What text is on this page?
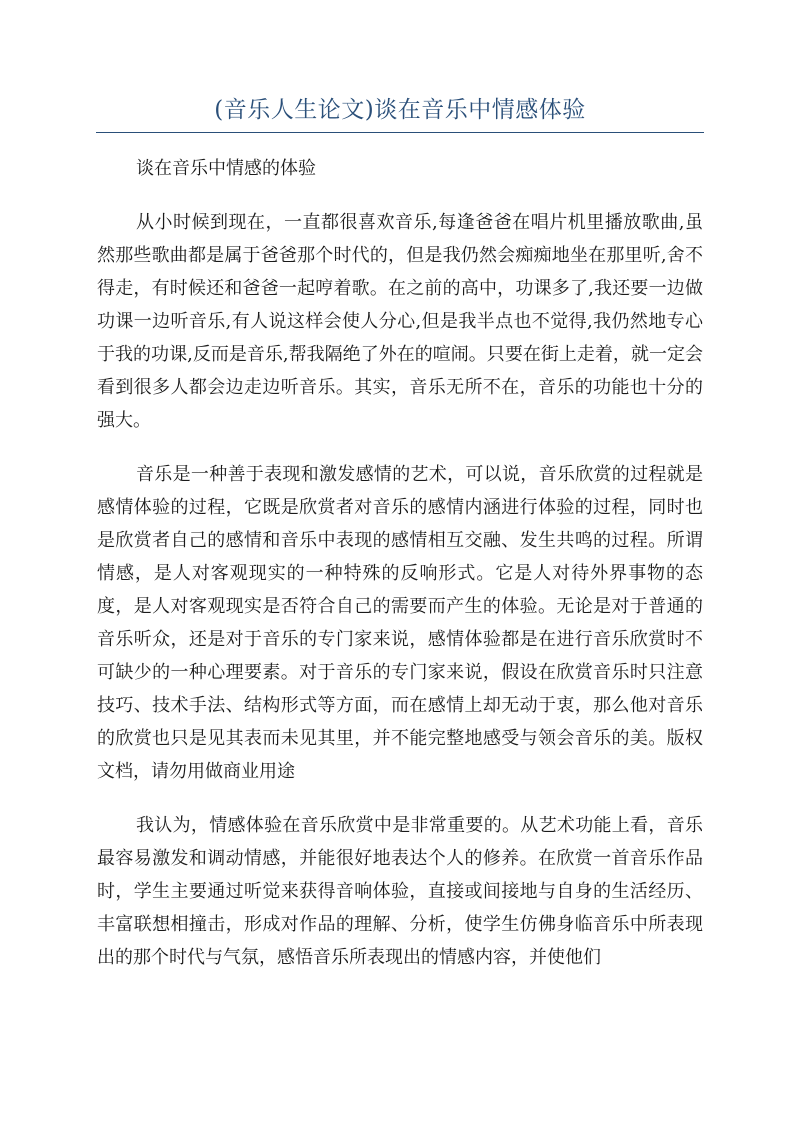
(音乐人生论文)谈在音乐中情感体验

谈在音乐中情感的体验

从小时候到现在，一直都很喜欢音乐,每逢爸爸在唱片机里播放歌曲,虽然那些歌曲都是属于爸爸那个时代的，但是我仍然会痴痴地坐在那里听,舍不得走，有时候还和爸爸一起哼着歌。在之前的高中，功课多了,我还要一边做功课一边听音乐,有人说这样会使人分心,但是我半点也不觉得,我仍然地专心于我的功课,反而是音乐,帮我隔绝了外在的喧闹。只要在街上走着，就一定会看到很多人都会边走边听音乐。其实，音乐无所不在，音乐的功能也十分的强大。

音乐是一种善于表现和激发感情的艺术，可以说，音乐欣赏的过程就是感情体验的过程，它既是欣赏者对音乐的感情内涵进行体验的过程，同时也是欣赏者自己的感情和音乐中表现的感情相互交融、发生共鸣的过程。所谓情感，是人对客观现实的一种特殊的反响形式。它是人对待外界事物的态度，是人对客观现实是否符合自己的需要而产生的体验。无论是对于普通的音乐听众，还是对于音乐的专门家来说，感情体验都是在进行音乐欣赏时不可缺少的一种心理要素。对于音乐的专门家来说，假设在欣赏音乐时只注意技巧、技术手法、结构形式等方面，而在感情上却无动于衷，那么他对音乐的欣赏也只是见其表而未见其里，并不能完整地感受与领会音乐的美。版权文档，请勿用做商业用途

我认为，情感体验在音乐欣赏中是非常重要的。从艺术功能上看，音乐最容易激发和调动情感，并能很好地表达个人的修养。在欣赏一首音乐作品时，学生主要通过听觉来获得音响体验，直接或间接地与自身的生活经历、丰富联想相撞击，形成对作品的理解、分析，使学生仿佛身临音乐中所表现出的那个时代与气氛，感悟音乐所表现出的情感内容，并使他们
